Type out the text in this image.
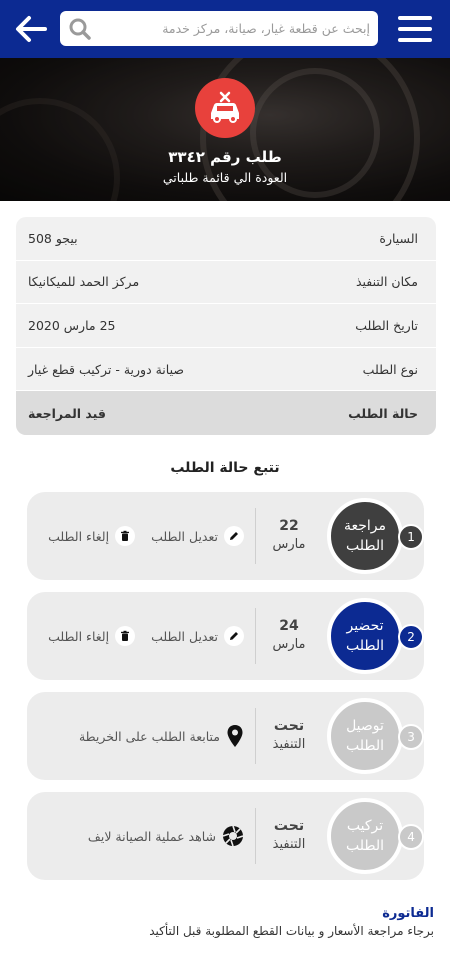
إبحث عن قطعة غيار، صيانة، مركز خدمة
طلب رقم ٣٣٤٢
العودة الي قائمة طلباتي
السيارة
بيجو 508
مكان التنفيذ
مركز الحمد للميكانيكا
تاريخ الطلب
25 مارس 2020
نوع الطلب
صيانة دورية - تركيب قطع غيار
حالة الطلب
قيد المراجعة
تتبع حالة الطلب
مراجعة
الطلب
1
22
مارس
تعديل الطلب
إلغاء الطلب
تحضير
الطلب
2
24
مارس
تعديل الطلب
إلغاء الطلب
توصيل
الطلب
3
تحت
التنفيذ
متابعة الطلب على الخريطة
تركيب
الطلب
4
تحت
التنفيذ
شاهد عملية الصيانة لايف
الفاتورة
برجاء مراجعة الأسعار و بيانات القطع المطلوبة قبل التأكيد
